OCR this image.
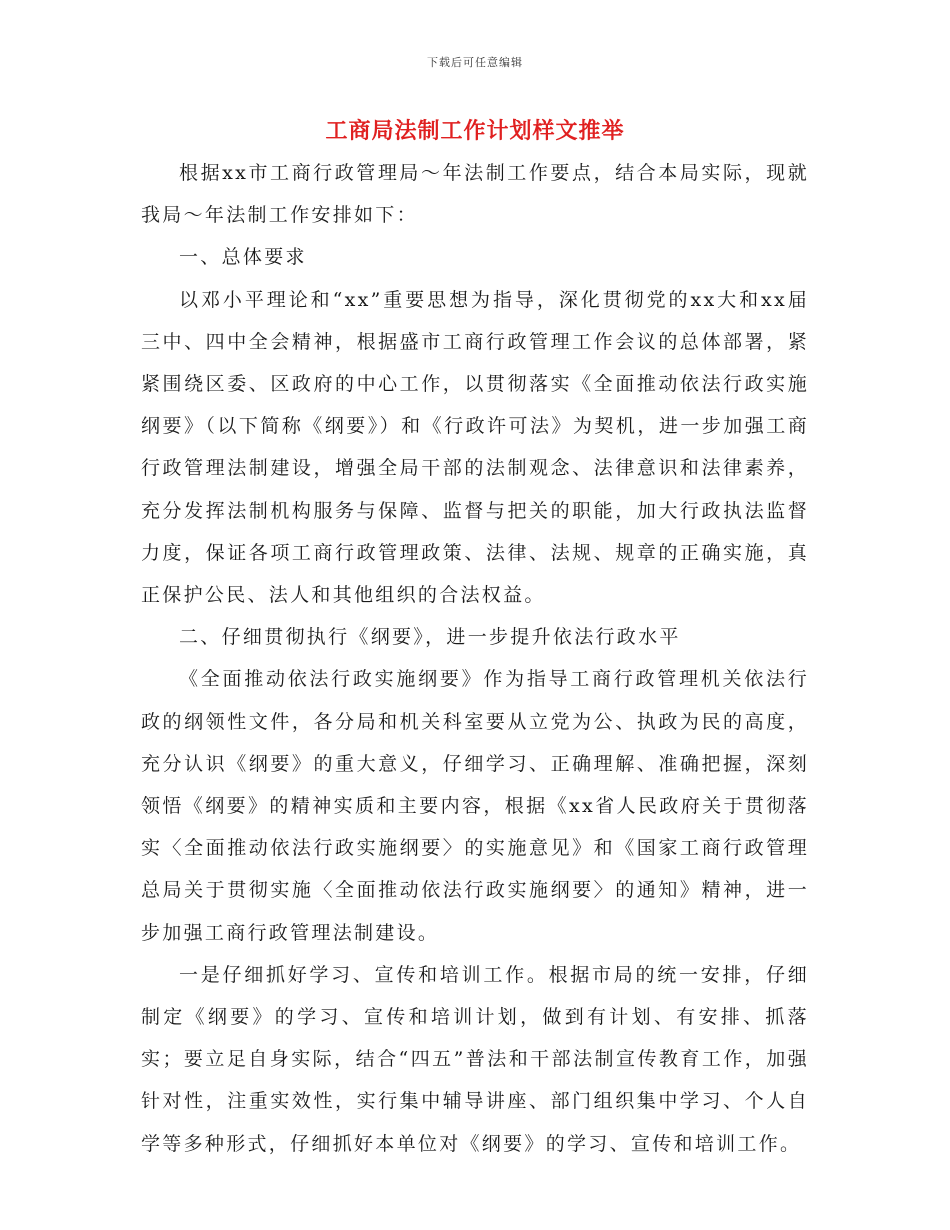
下载后可任意编辑
工商局法制工作计划样文推举

根据xx市工商行政管理局～年法制工作要点，结合本局实际，现就我局～年法制工作安排如下：

一、总体要求

以邓小平理论和“xx”重要思想为指导，深化贯彻党的xx大和xx届三中、四中全会精神，根据盛市工商行政管理工作会议的总体部署，紧紧围绕区委、区政府的中心工作，以贯彻落实《全面推动依法行政实施纲要》（以下简称《纲要》）和《行政许可法》为契机，进一步加强工商行政管理法制建设，增强全局干部的法制观念、法律意识和法律素养，充分发挥法制机构服务与保障、监督与把关的职能，加大行政执法监督力度，保证各项工商行政管理政策、法律、法规、规章的正确实施，真正保护公民、法人和其他组织的合法权益。

二、仔细贯彻执行《纲要》，进一步提升依法行政水平

《全面推动依法行政实施纲要》作为指导工商行政管理机关依法行政的纲领性文件，各分局和机关科室要从立党为公、执政为民的高度，充分认识《纲要》的重大意义，仔细学习、正确理解、准确把握，深刻领悟《纲要》的精神实质和主要内容，根据《xx省人民政府关于贯彻落实〈全面推动依法行政实施纲要〉的实施意见》和《国家工商行政管理总局关于贯彻实施〈全面推动依法行政实施纲要〉的通知》精神，进一步加强工商行政管理法制建设。

一是仔细抓好学习、宣传和培训工作。根据市局的统一安排，仔细制定《纲要》的学习、宣传和培训计划，做到有计划、有安排、抓落实；要立足自身实际，结合“四五”普法和干部法制宣传教育工作，加强针对性，注重实效性，实行集中辅导讲座、部门组织集中学习、个人自学等多种形式，仔细抓好本单位对《纲要》的学习、宣传和培训工作。
